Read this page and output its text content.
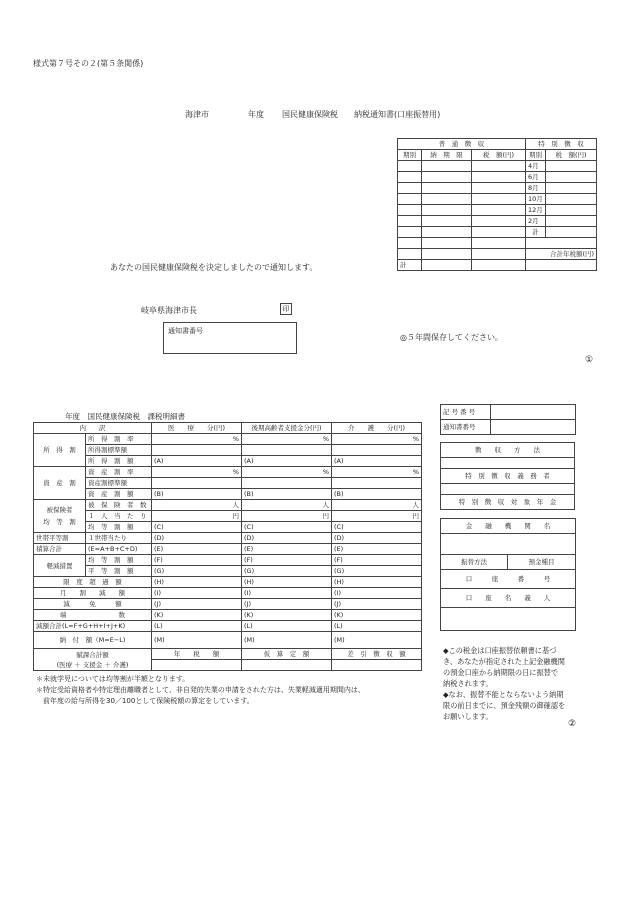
様式第７号その２(第５条関係)
海津市	年度 国民健康保険税　　納税通知書(口座振替用)
普　通　徴　収			特　別　徴　収	
期別	納　期　限	税　額(円)	期別	税　額(円)
			4月	
			6月	
			8月	
			10月	
			12月	
			2月	
			計	

			合計年税額(円)	
計				
あなたの国民健康保険税を決定しましたので通知します。
岐阜県海津市長	印
通知書番号
◎５年間保存してください。
①
年度　国民健康保険税　課税明細書
内　　訳		医　　療　　分(円)	後期高齢者支援金分(円)	介　　護　　分(円)
所　得　割	所　得　割　率	%	%	%
	所得割標準額			
	所　得　割　額	(A)	(A)	(A)
資　産　割	資　産　割　率	%	%	%
	資産割標準額			
	資　産　割　額	(B)	(B)	(B)
被保険者
均　等　割	被　保　険　者　数	人	人	人
	１　人　当　た　り	円	円	円
	均　等　割　額	(C)	(C)	(C)
世帯平等割	１世帯当たり	(D)	(D)	(D)
積算合計	(E=A+B+C+D)	(E)	(E)	(E)
軽減措置	均　等　割　額	(F)	(F)	(F)
	平　等　割　額	(G)	(G)	(G)
限　度　超　過　額		(H)	(H)	(H)
月　　割　　減　　額		(I)	(I)	(I)
減　　　免　　　額		(J)	(J)	(J)
端　　　　　　　　数		(K)	(K)	(K)
減額合計(L=F+G+H+I+J+K)		(L)	(L)	(L)
納　付　額（M=E−L)		(M)	(M)	(M)

賦課合計額
(医療 ＋ 支援金 ＋ 介護)		年　　税　　額	仮　算　定　額	差　引　徴　収　額

＊未就学児については均等割が半額となります。
＊特定受給資格者や特定理由離職者として、非自発的失業の申請をされた方は、失業軽減適用期間内は、
　前年度の給与所得を30／100として保険税額の算定をしています。
記 号 番 号	
通知書番号	
徴　　収　　方　　法

特　別　徴　収　義　務　者

特　別　徴　収　対　象　年　金
金　　融　　機　　関　　名

振替方法	預金種目
口　　　座　　　番　　　号
口　　座　　名　　義　　人

◆この税金は口座振替依頼書に基づ
き、あなたが指定された上記金融機関
の預金口座から納期限の日に振替で
納税されます。
◆なお、振替不能とならないよう納期
限の前日までに、預金残額の御確認を
お願いします。
②
